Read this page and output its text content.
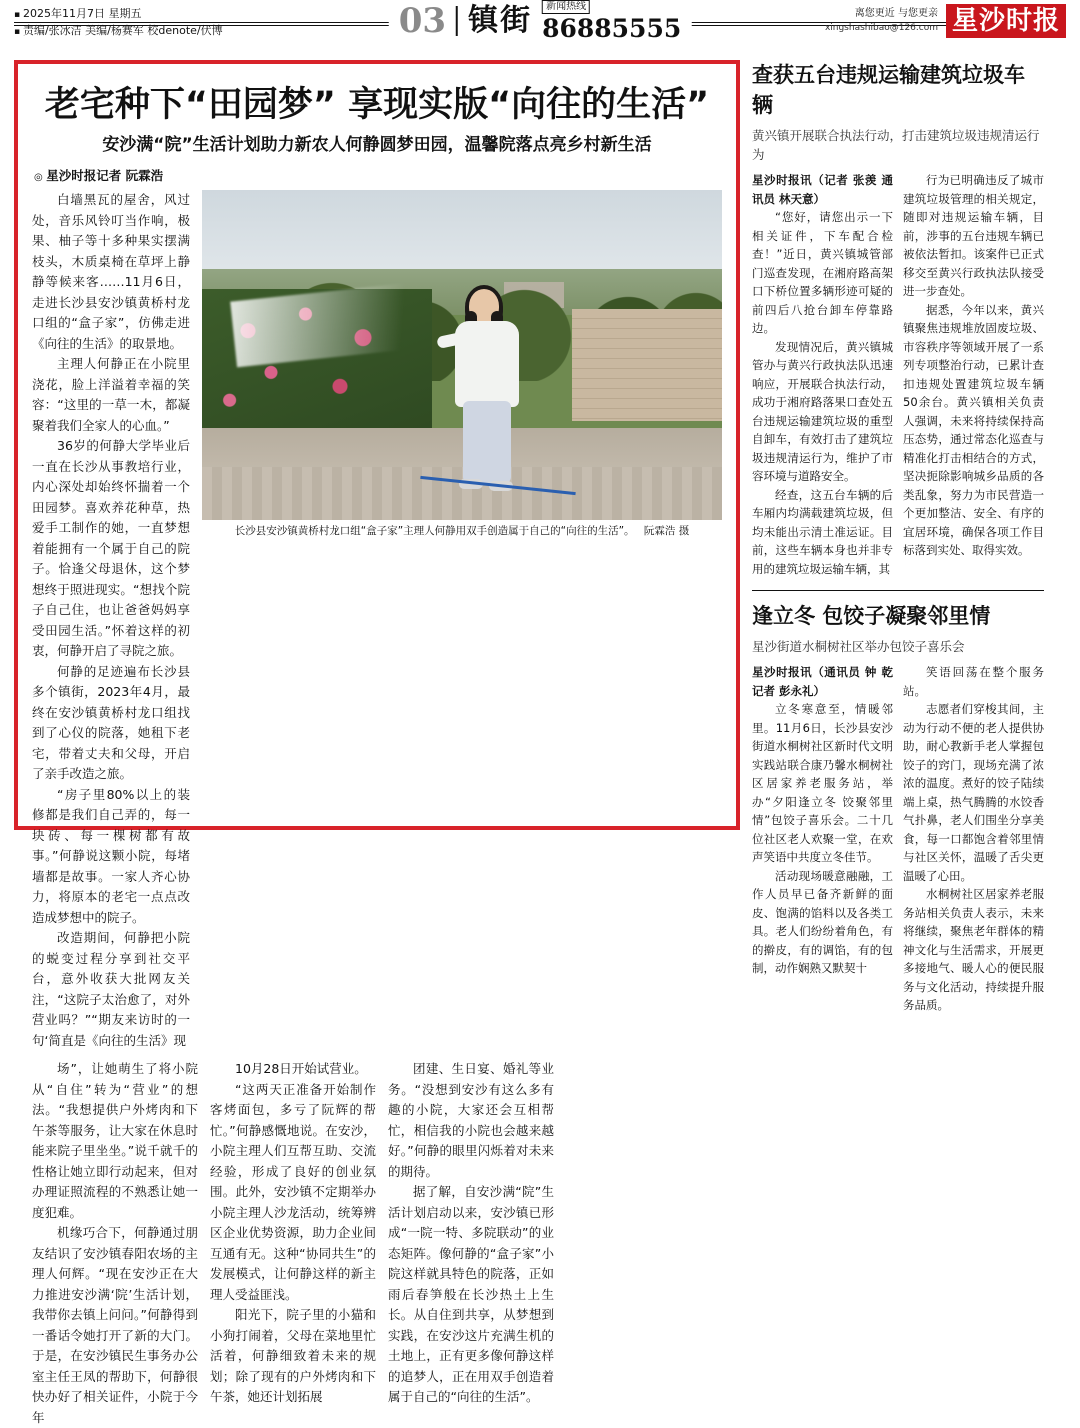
▪ 2025年11月7日 星期五
▪ 责编/张冰洁 美编/杨赛军 校denote/伏博	03 镇街	新闻热线
86885555
离您更近 与您更亲
xingshashibao@126.com 星沙时报
老宅种下“田园梦” 享现实版“向往的生活”
安沙满“院”生活计划助力新农人何静圆梦田园，温馨院落点亮乡村新生活
◎ 星沙时报记者 阮霖浩

白墙黑瓦的屋舍，风过处，音乐风铃叮当作响，极果、柚子等十多种果实摆满枝头，木质桌椅在草坪上静静等候来客……11月6日，走进长沙县安沙镇黄桥村龙口组的“盒子家”，仿佛走进《向往的生活》的取景地。

主理人何静正在小院里浇花，脸上洋溢着幸福的笑容：“这里的一草一木，都凝聚着我们全家人的心血。”

36岁的何静大学毕业后一直在长沙从事教培行业，内心深处却始终怀揣着一个田园梦。喜欢养花种草，热爱手工制作的她，一直梦想着能拥有一个属于自己的院子。恰逢父母退休，这个梦想终于照进现实。“想找个院子自己住，也让爸爸妈妈享受田园生活。”怀着这样的初衷，何静开启了寻院之旅。

何静的足迹遍布长沙县多个镇街，2023年4月，最终在安沙镇黄桥村龙口组找到了心仪的院落，她租下老宅，带着丈夫和父母，开启了亲手改造之旅。

“房子里80%以上的装修都是我们自己弄的，每一块砖、每一棵树都有故事。”何静说这颗小院，每堵墙都是故事。一家人齐心协力，将原本的老宅一点点改造成梦想中的院子。

改造期间，何静把小院的蜕变过程分享到社交平台，意外收获大批网友关注，“这院子太治愈了，对外营业吗？”“期友来访时的一句‘简直是《向往的生活》现

长沙县安沙镇黄桥村龙口组“盒子家”主理人何静用双手创造属于自己的“向往的生活”。 阮霖浩 摄

场”，让她萌生了将小院从“自住”转为“营业”的想法。“我想提供户外烤肉和下午茶等服务，让大家在休息时能来院子里坐坐。”说千就千的性格让她立即行动起来，但对办理证照流程的不熟悉让她一度犯难。

机缘巧合下，何静通过朋友结识了安沙镇春阳农场的主理人何辉。“现在安沙正在大力推进安沙满‘院’生活计划，我带你去镇上问问。”何静得到一番话令她打开了新的大门。于是，在安沙镇民生事务办公室主任王凤的帮助下，何静很快办好了相关证件，小院于今年

10月28日开始试营业。

“这两天正准备开始制作客烤面包，多亏了阮辉的帮忙。”何静感慨地说。在安沙，小院主理人们互帮互助、交流经验，形成了良好的创业氛围。此外，安沙镇不定期举办小院主理人沙龙活动，统筹辨区企业优势资源，助力企业间互通有无。这种“协同共生”的发展模式，让何静这样的新主理人受益匪浅。

阳光下，院子里的小猫和小狗打闹着，父母在菜地里忙活着，何静细致着未来的规划；除了现有的户外烤肉和下午茶，她还计划拓展

团建、生日宴、婚礼等业务。“没想到安沙有这么多有趣的小院，大家还会互相帮忙，相信我的小院也会越来越好。”何静的眼里闪烁着对未来的期待。

据了解，自安沙满“院”生活计划启动以来，安沙镇已形成“一院一特、多院联动”的业态矩阵。像何静的“盒子家”小院这样就具特色的院落，正如雨后春笋般在长沙热土上生长。从自住到共享，从梦想到实践，在安沙这片充满生机的土地上，正有更多像何静这样的追梦人，正在用双手创造着属于自己的“向往的生活”。

查获五台违规运输建筑垃圾车辆
黄兴镇开展联合执法行动，打击建筑垃圾违规清运行为

星沙时报讯（记者 张羡 通讯员 林天意）

“您好，请您出示一下相关证件，下车配合检查！”近日，黄兴镇城管部门巡查发现，在湘府路高架口下桥位置多辆形迹可疑的前四后八抢台卸车停靠路边。

发现情况后，黄兴镇城管办与黄兴行政执法队迅速响应，开展联合执法行动，成功于湘府路落果口查处五台违规运输建筑垃圾的重型自卸车，有效打击了建筑垃圾违规清运行为，维护了市容环境与道路安全。

经查，这五台车辆的后车厢内均满载建筑垃圾，但均未能出示清土准运证。目前，这些车辆本身也并非专用的建筑垃圾运输车辆，其

行为已明确违反了城市建筑垃圾管理的相关规定，随即对违规运输车辆，目前，涉事的五台违规车辆已被依法暂扣。该案件已正式移交至黄兴行政执法队接受进一步查处。

据悉，今年以来，黄兴镇聚焦违规堆放固废垃圾、市容秩序等领域开展了一系列专项整治行动，已累计查扣违规处置建筑垃圾车辆50余台。黄兴镇相关负责人强调，未来将持续保持高压态势，通过常态化巡查与精准化打击相结合的方式，坚决扼除影响城乡品质的各类乱象，努力为市民营造一个更加整洁、安全、有序的宜居环境，确保各项工作目标落到实处、取得实效。

逢立冬 包饺子凝聚邻里情
星沙街道水桐树社区举办包饺子喜乐会

星沙时报讯（通讯员 钟 乾 记者 彭永礼）

立冬寒意至，情暖邻里。11月6日，长沙县安沙街道水桐树社区新时代文明实践站联合康乃馨水桐树社区居家养老服务站，举办“夕阳逢立冬 饺聚邻里情”包饺子喜乐会。二十几位社区老人欢聚一堂，在欢声笑语中共度立冬佳节。

活动现场暖意融融，工作人员早已备齐新鲜的面皮、饱满的馅料以及各类工具。老人们纷纷着角色，有的擀皮，有的调馅，有的包制，动作娴熟又默契十

笑语回荡在整个服务站。

志愿者们穿梭其间，主动为行动不便的老人提供协助，耐心教新手老人掌握包饺子的窍门，现场充满了浓浓的温度。煮好的饺子陆续端上桌，热气腾腾的水饺香气扑鼻，老人们围坐分享美食，每一口都饱含着邻里情与社区关怀，温暖了舌尖更温暖了心田。

水桐树社区居家养老服务站相关负责人表示，未来将继续，聚焦老年群体的精神文化与生活需求，开展更多接地气、暖人心的便民服务与文化活动，持续提升服务品质。
